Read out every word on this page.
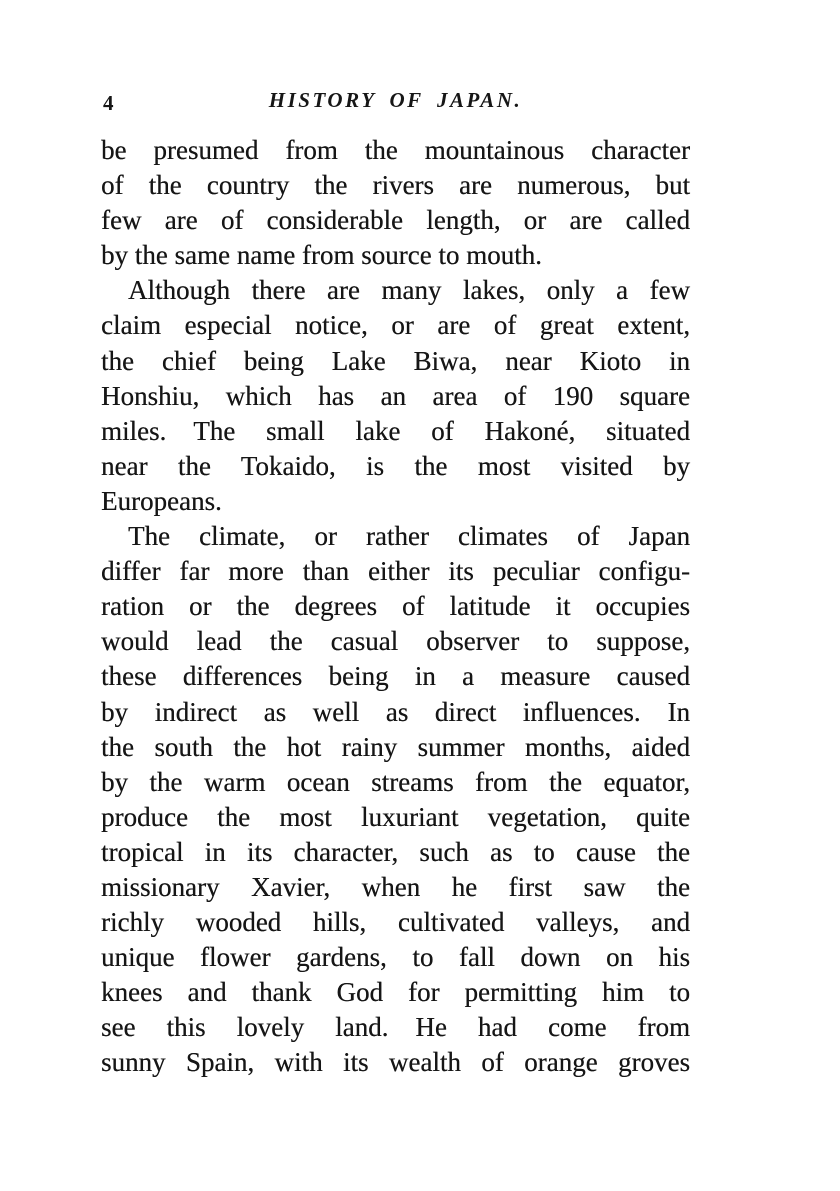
4	HISTORY OF JAPAN.
be presumed from the mountainous character
of the country the rivers are numerous, but
few are of considerable length, or are called
by the same name from source to mouth.
Although there are many lakes, only a few
claim especial notice, or are of great extent,
the chief being Lake Biwa, near Kioto in
Honshiu, which has an area of 190 square
miles. The small lake of Hakoné, situated
near the Tokaido, is the most visited by
Europeans.
The climate, or rather climates of Japan
differ far more than either its peculiar configu-
ration or the degrees of latitude it occupies
would lead the casual observer to suppose,
these differences being in a measure caused
by indirect as well as direct influences. In
the south the hot rainy summer months, aided
by the warm ocean streams from the equator,
produce the most luxuriant vegetation, quite
tropical in its character, such as to cause the
missionary Xavier, when he first saw the
richly wooded hills, cultivated valleys, and
unique flower gardens, to fall down on his
knees and thank God for permitting him to
see this lovely land. He had come from
sunny Spain, with its wealth of orange groves
